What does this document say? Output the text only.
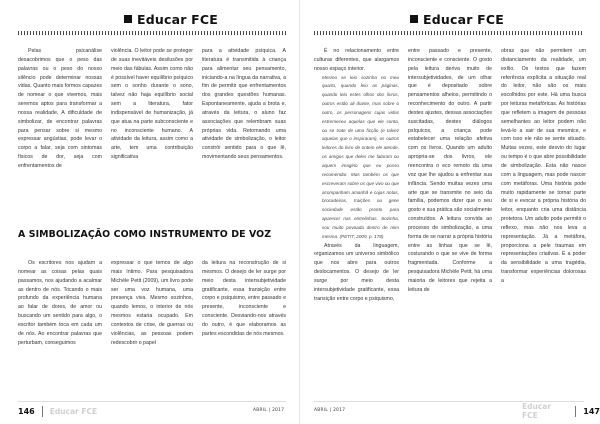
Educar FCE

Pelas psicanálise desacobrimos que o peso das palavras ou o peso do nosso silêncio pode determinar nossas vidas. Quanto mais formos capazes de nomear o que vivemos, mais seremos aptos para transformar a nossa realidade. A dificuldade de simbolizar, de encontrar palavras para pensar sobre si mesmo expressar angústias, pode levar o corpo a falar, seja com sintomas físicos de dor, seja com enfrentamentos de

violência. O leitor pode se proteger de suas inevitáveis desilusões por meio das fábulas. Assim como não é possível haver equilíbrio psíquico sem o sonho durante o sono, talvez não haja equilíbrio social sem a literatura, fator indispensável de humanização, já que atua na parte subconsciente e no inconsciente humano. A atividade da leitura, assim como a arte, tem uma contribuição significativa

para a atividade psíquica. A literatura é transmitida à criança para alimentar seu pensamento, iniciando-a na língua da narrativa, a fim de permitir que enfrentamentos dos grandes questões humanas. Espontaneamente, ajuda a brota e, através da leitura, o aluno faz associações que relembram suas próprias vida. Retomando uma atividade de simbolização, o leitor constrói sentido para o que lê, movimentando seus pensamentos.

A SIMBOLIZAÇÃO COMO INSTRUMENTO DE VOZ

Os escritores nos ajudam a nomear as coisas pelas quais passamos, nos ajudando a acalmar as dentro de nós. Tocando o mais profundo da experiência humana ao falar de dores, de amor ou buscando um sentido para algo, o escritor também toca em cada um de nós. Ao encontrar palavras que perturbam, conseguimos

expressar o que temos de algo mais íntimo. Para pesquisadora Michèle Petit (2009), um livro pode ser uma voz humana, uma presença viva. Mesmo sozinhos, quando lemos, o interior de nós mesmos estaria ocupado. Em contextos de crise, de guerras ou violências, as pessoas podem redescobrir o papel

da leitura na reconstrução de si mesmos. O desejo de ler surge por meio desta intersubjetividade gratificante, essa transição entre corpo e psiquismo, entre passado e presente, inconsciente e consciente. Desviando-nos através do outro, é que elaboramos as partes escondidas de nós mesmos.

146 Educar FCE	ABRIL | 2017
Educar FCE

É no relacionamento entre culturas diferentes, que alargamos nosso espaço interior.

Mesmo se leio sozinha no meu quarto, quando leio as páginas, quando leio estes olhos dos livros, outros estão ali diante, mas sobre o outro, os personagens cujas vidas estremeceu aquelas que ele conta, ou se trate de uma ficção (e talvez aquelas que o inspiraram), os outros leitores do livro de ontem ele atende, os amigos que deles me falaram ou aquem imagino que eu posso recomendar. Mas também os que escreveram sobre os que vivo ou que acompanham amanhã e cujas notas, brocadeiras, traições ou gene sociedade estão pronto para aparecer nas entrelinhas. Sozinha, sou muito povoada dentro de mim mesma. (PETIT, 2009, p. 178)

Através da linguagem, organizamos um universo simbólico que nos abre para outros deslocamentos. O desejo de ler surge por meio desta intersubjetividade gratificante, essa transição entre corpo e psiquismo,

entre passado e presente, inconsciente e consciente. O gosto pela leitura deriva muito de intersubjetividades, de um olhar que é depositado sobre pensamentos alheios, permitindo o reconhecimento do outro. A partir destes ajustes, dessas associações suscitadas, destes diálogos psíquicos, a criança pode estabelecer uma relação afetiva com os livros. Quando um adulto apropria-se dos livros, ele reencontra o eco remoto da uma voz que lhe ajudou a enfrentar sua infância. Sendo muitas vezes uma arte que se transmite no seio da família, podemos dizer que o seu gosto e sua prática são socialmente construídos. A leitura convida ao processo de simbolização, a uma forma de se narrar a própria história entre as linhas que se lê, costurando o que se vive de forma fragmentada. Conforme a pesquisadora Michèle Petit, há uma maioria de leitores que rejeita a leitura de

obras que não permitem um distanciamento da realidade, um exílio. Os textos que fazem referência explícita a situação real do leitor, não são os mais escolhidos por este. Há uma busca por leituras metafóricas. As histórias que refletem a imagem de pessoas semelhantes ao leitor podem não levá-lo a sair de sua mesmice, e com isso ele não se sente situado. Muitas vezes, este desvio do lugar ou tempo é o que abre possibilidade de simbolização. Esta não nasce com a linguagem, mas pode nascer com metáforas. Uma história pode muito rapidamente se tornar parte de si e evocar a própria história do leitor, enquanto cria uma distância protetora. Um adulto pode permitir o reflexo, mas não nos leva a representação. Já a metáfora, proporciona a pele traumas em representações criativas. É a poder da sensibilidade a uma tragédia, transformar experiências dolorosas a

ABRIL | 2017	Educar FCE	147
